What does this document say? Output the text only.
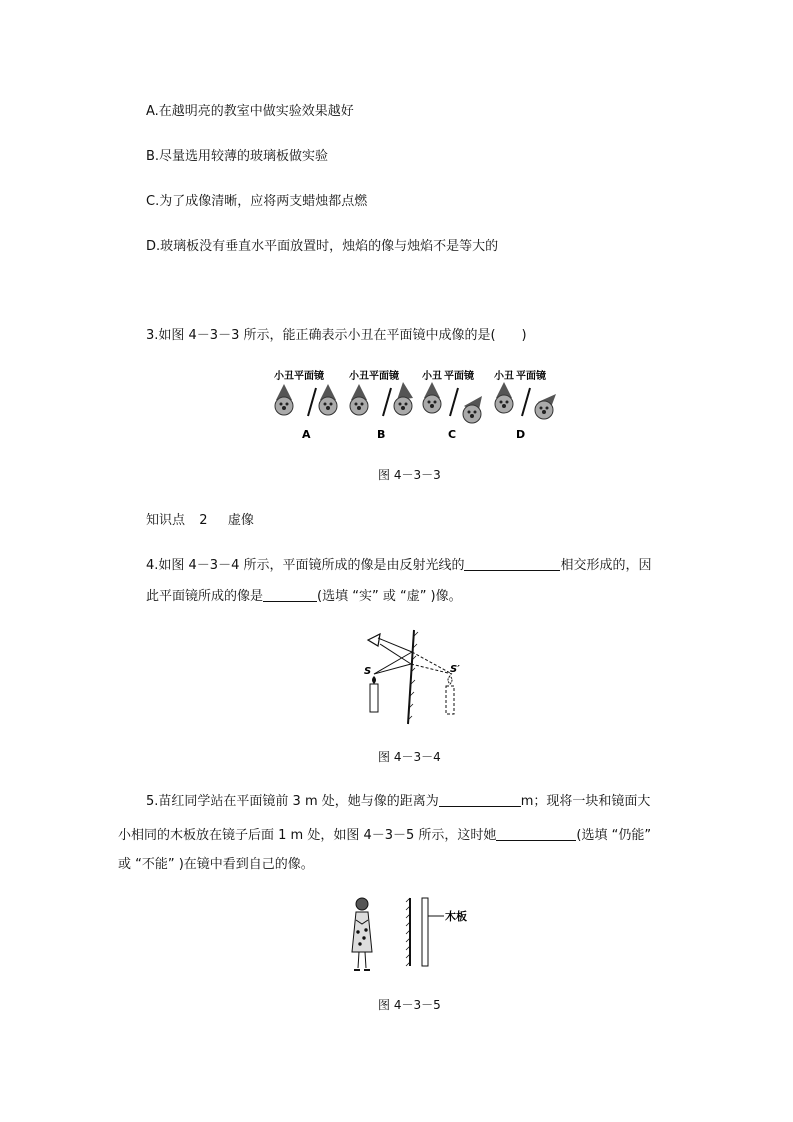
A.在越明亮的教室中做实验效果越好
B.尽量选用较薄的玻璃板做实验
C.为了成像清晰，应将两支蜡烛都点燃
D.玻璃板没有垂直水平面放置时，烛焰的像与烛焰不是等大的
3.如图 4－3－3 所示，能正确表示小丑在平面镜中成像的是(　　)
小丑 平面镜
A
小丑 平面镜
B
小丑 平面镜
C
小丑 平面镜
D
图 4－3－3
知识点 2 虚像
4.如图 4－3－4 所示，平面镜所成的像是由反射光线的	相交形成的，因
此平面镜所成的像是	(选填 “实” 或 “虚” )像。
S	S′
图 4－3－4
5.苗红同学站在平面镜前 3 m 处，她与像的距离为	m；现将一块和镜面大
小相同的木板放在镜子后面 1 m 处，如图 4－3－5 所示，这时她	(选填 “仍能”
或 “不能” )在镜中看到自己的像。
木板
图 4－3－5
